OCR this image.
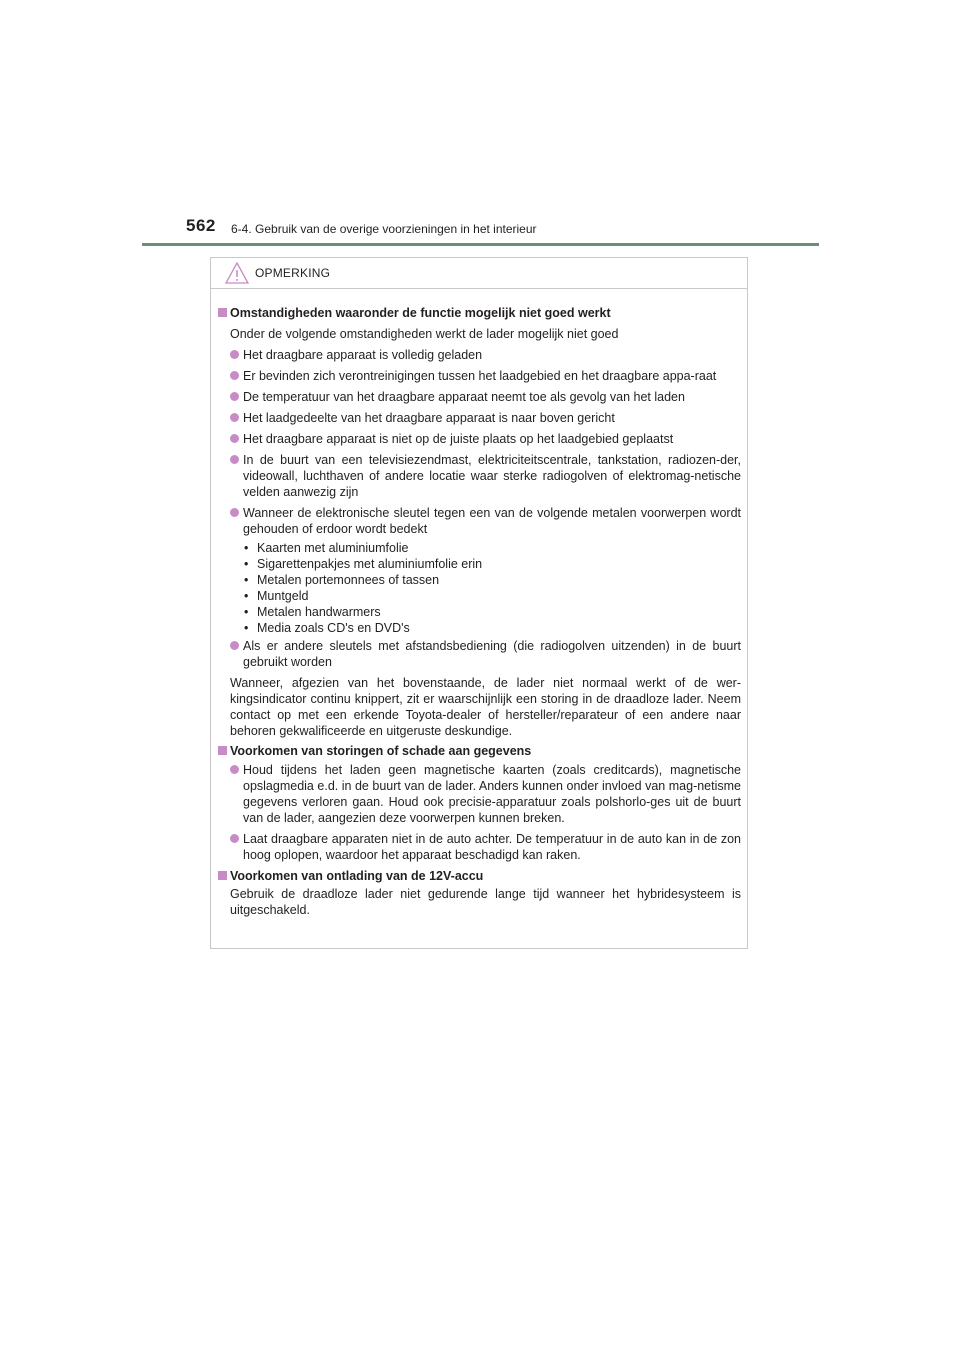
562 6-4. Gebruik van de overige voorzieningen in het interieur
OPMERKING
Omstandigheden waaronder de functie mogelijk niet goed werkt
Onder de volgende omstandigheden werkt de lader mogelijk niet goed
Het draagbare apparaat is volledig geladen
Er bevinden zich verontreinigingen tussen het laadgebied en het draagbare appa-raat
De temperatuur van het draagbare apparaat neemt toe als gevolg van het laden
Het laadgedeelte van het draagbare apparaat is naar boven gericht
Het draagbare apparaat is niet op de juiste plaats op het laadgebied geplaatst
In de buurt van een televisiezendmast, elektriciteitscentrale, tankstation, radiozen-der, videowall, luchthaven of andere locatie waar sterke radiogolven of elektromag-netische velden aanwezig zijn
Wanneer de elektronische sleutel tegen een van de volgende metalen voorwerpen wordt gehouden of erdoor wordt bedekt
• Kaarten met aluminiumfolie
• Sigarettenpakjes met aluminiumfolie erin
• Metalen portemonnees of tassen
• Muntgeld
• Metalen handwarmers
• Media zoals CD's en DVD's
Als er andere sleutels met afstandsbediening (die radiogolven uitzenden) in de buurt gebruikt worden
Wanneer, afgezien van het bovenstaande, de lader niet normaal werkt of de wer-kingsindicator continu knippert, zit er waarschijnlijk een storing in de draadloze lader. Neem contact op met een erkende Toyota-dealer of hersteller/reparateur of een andere naar behoren gekwalificeerde en uitgeruste deskundige.
Voorkomen van storingen of schade aan gegevens
Houd tijdens het laden geen magnetische kaarten (zoals creditcards), magnetische opslagmedia e.d. in de buurt van de lader. Anders kunnen onder invloed van mag-netisme gegevens verloren gaan. Houd ook precisie-apparatuur zoals polshorlo-ges uit de buurt van de lader, aangezien deze voorwerpen kunnen breken.
Laat draagbare apparaten niet in de auto achter. De temperatuur in de auto kan in de zon hoog oplopen, waardoor het apparaat beschadigd kan raken.
Voorkomen van ontlading van de 12V-accu
Gebruik de draadloze lader niet gedurende lange tijd wanneer het hybridesysteem is uitgeschakeld.
